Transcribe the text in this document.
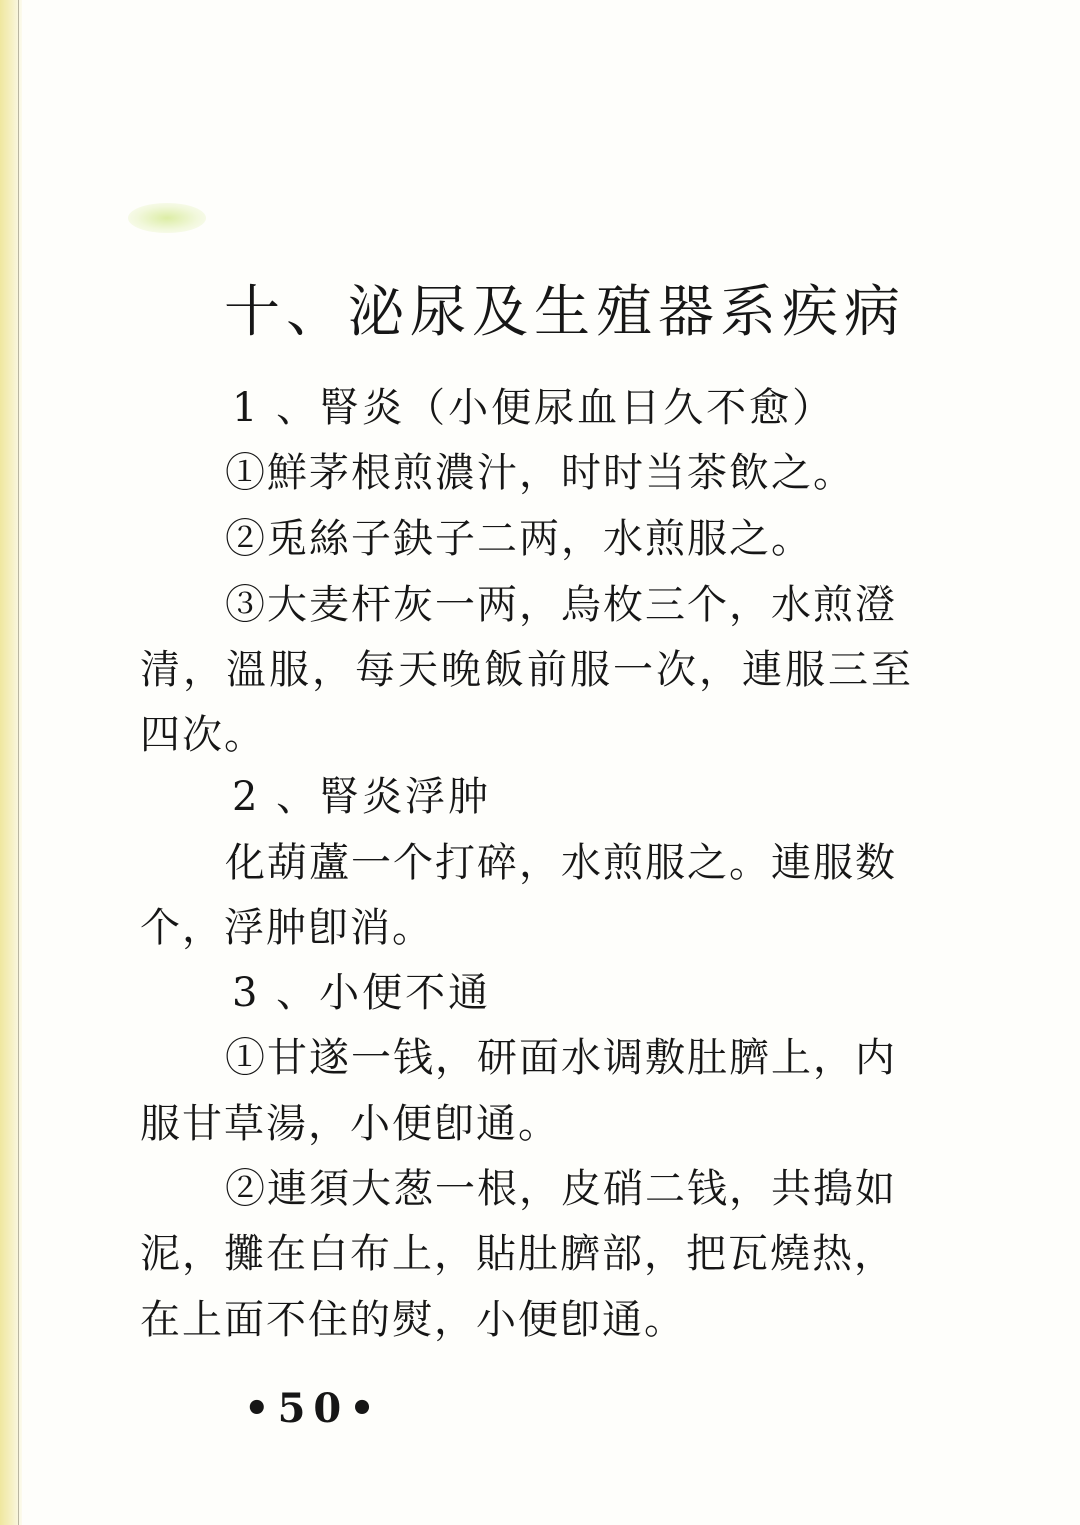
十、泌尿及生殖器系疾病

1 、腎炎（小便尿血日久不愈）

①鮮茅根煎濃汁，时时当茶飲之。

②兎絲子鈌子二两，水煎服之。

③大麦杆灰一两，烏枚三个，水煎澄

清，溫服，每天晚飯前服一次，連服三至

四次。

2 、腎炎浮肿

化葫蘆一个打碎，水煎服之。連服数

个，浮肿卽消。

3 、小便不通

①甘遂一钱，研面水调敷肚臍上，内

服甘草湯，小便卽通。

②連須大葱一根，皮硝二钱，共搗如

泥，攤在白布上，貼肚臍部，把瓦燒热，

在上面不住的熨，小便卽通。

•50•
